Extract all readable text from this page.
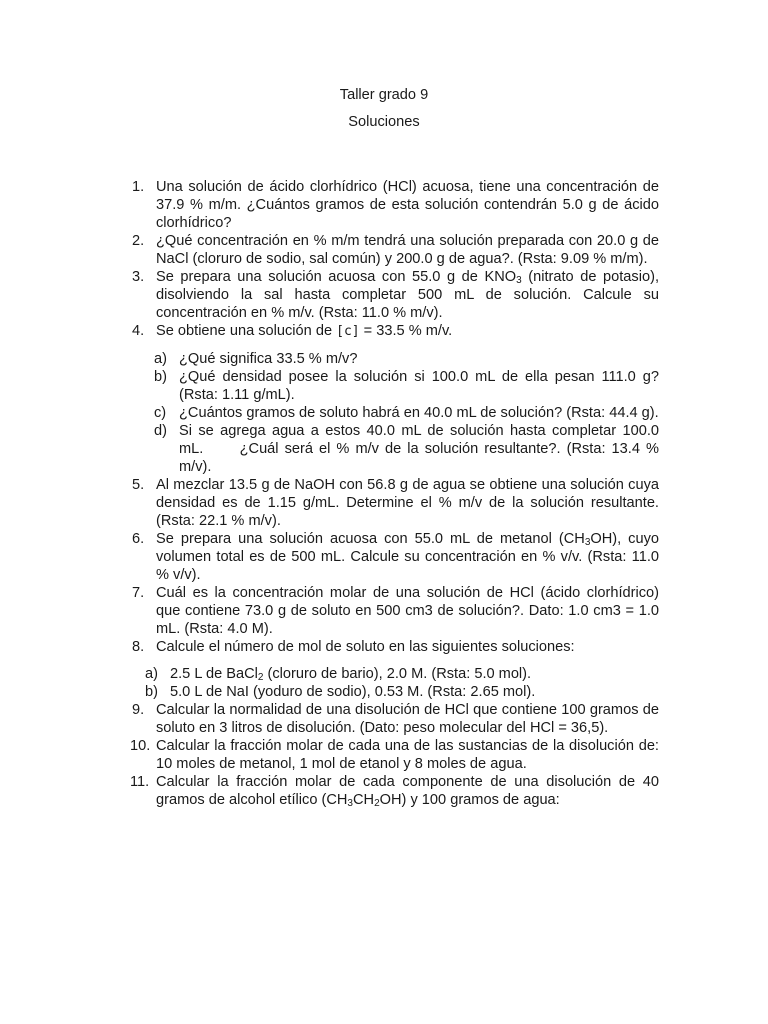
Taller grado 9
Soluciones
1. Una solución de ácido clorhídrico (HCl) acuosa, tiene una concentración de 37.9 % m/m. ¿Cuántos gramos de esta solución contendrán 5.0 g de ácido clorhídrico?
2. ¿Qué concentración en % m/m tendrá una solución preparada con 20.0 g de NaCl (cloruro de sodio, sal común) y 200.0 g de agua?. (Rsta: 9.09 % m/m).
3. Se prepara una solución acuosa con 55.0 g de $KNO_3$ (nitrato de potasio), disolviendo la sal hasta completar 500 mL de solución. Calcule su concentración en % m/v. (Rsta: 11.0 % m/v).
4. Se obtiene una solución de [c] = 33.5 % m/v.
a) ¿Qué significa 33.5 % m/v?
b) ¿Qué densidad posee la solución si 100.0 mL de ella pesan 111.0 g? (Rsta: 1.11 g/mL).
c) ¿Cuántos gramos de soluto habrá en 40.0 mL de solución? (Rsta: 44.4 g).
d) Si se agrega agua a estos 40.0 mL de solución hasta completar 100.0 mL.      ¿Cuál será el % m/v de la solución resultante?. (Rsta: 13.4 % m/v).
5. Al mezclar 13.5 g de NaOH con 56.8 g de agua se obtiene una solución cuya densidad es de 1.15 g/mL. Determine el % m/v de la solución resultante. (Rsta: 22.1 % m/v).
6. Se prepara una solución acuosa con 55.0 mL de metanol $(CH_3OH)$, cuyo volumen total es de 500 mL. Calcule su concentración en % v/v. (Rsta: 11.0 % v/v).
7. Cuál es la concentración molar de una solución de HCl (ácido clorhídrico) que contiene 73.0 g de soluto en 500 cm3 de solución?. Dato: 1.0 cm3 = 1.0 mL. (Rsta: 4.0 M).
8. Calcule el número de mol de soluto en las siguientes soluciones:
a) 2.5 L de BaCl$_2$ (cloruro de bario), 2.0 M. (Rsta: 5.0 mol).
b) 5.0 L de NaI (yoduro de sodio), 0.53 M. (Rsta: 2.65 mol).
9. Calcular la normalidad de una disolución de HCl que contiene 100 gramos de soluto en 3 litros de disolución. (Dato: peso molecular del HCl = 36,5).
10. Calcular la fracción molar de cada una de las sustancias de la disolución de: 10 moles de metanol, 1 mol de etanol y 8 moles de agua.
11. Calcular la fracción molar de cada componente de una disolución de 40 gramos de alcohol etílico $(CH_3CH_2OH)$ y 100 gramos de agua:
